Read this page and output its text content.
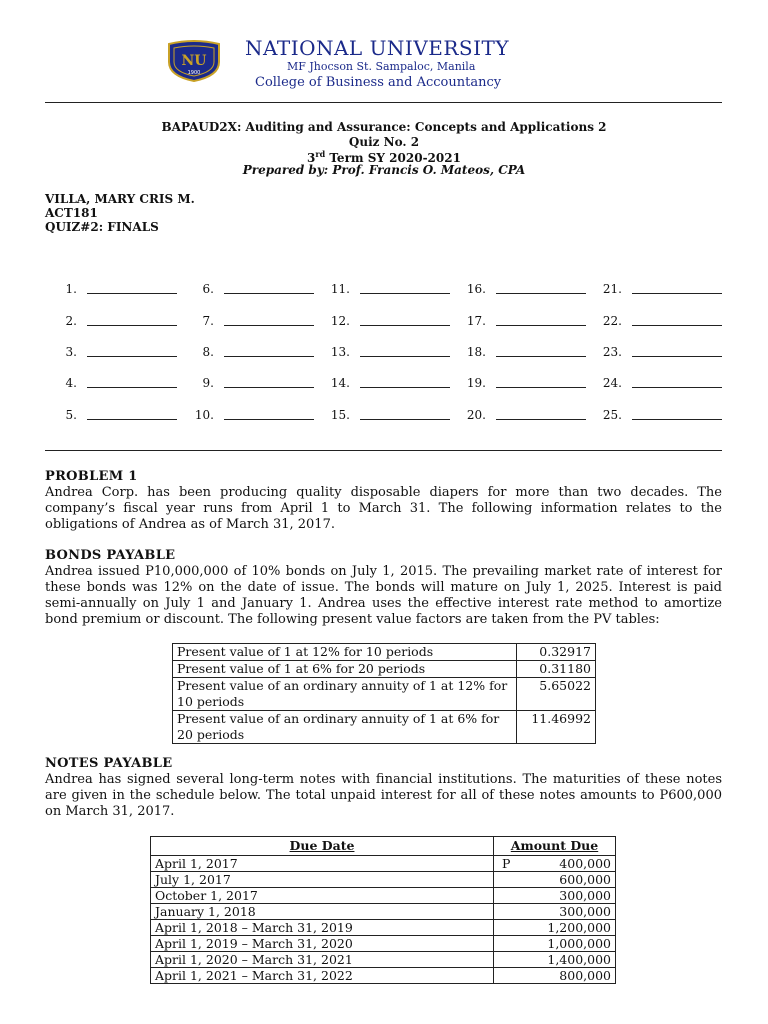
NU
1900
NATIONAL UNIVERSITY
MF Jhocson St. Sampaloc, Manila
College of Business and Accountancy
BAPAUD2X: Auditing and Assurance: Concepts and Applications 2
Quiz No. 2
3rd Term SY 2020-2021
Prepared by: Prof. Francis O. Mateos, CPA
VILLA, MARY CRIS M.
ACT181
QUIZ#2: FINALS
1.	6.	11.	16.	21.
2.	7.	12.	17.	22.
3.	8.	13.	18.	23.
4.	9.	14.	19.	24.
5.	10.	15.	20.	25.
PROBLEM 1

Andrea Corp. has been producing quality disposable diapers for more than two decades. The company’s fiscal year runs from April 1 to March 31. The following information relates to the obligations of Andrea as of March 31, 2017.

BONDS PAYABLE

Andrea issued P10,000,000 of 10% bonds on July 1, 2015. The prevailing market rate of interest for these bonds was 12% on the date of issue. The bonds will mature on July 1, 2025. Interest is paid semi-annually on July 1 and January 1. Andrea uses the effective interest rate method to amortize bond premium or discount. The following present value factors are taken from the PV tables:

Present value of 1 at 12% for 10 periods	0.32917
Present value of 1 at 6% for 20 periods	0.31180
Present value of an ordinary annuity of 1 at 12% for 10 periods	5.65022
Present value of an ordinary annuity of 1 at 6% for 20 periods	11.46992
NOTES PAYABLE

Andrea has signed several long-term notes with financial institutions. The maturities of these notes are given in the schedule below. The total unpaid interest for all of these notes amounts to P600,000 on March 31, 2017.

Due Date	Amount Due
April 1, 2017	P 400,000
July 1, 2017	600,000
October 1, 2017	300,000
January 1, 2018	300,000
April 1, 2018 – March 31, 2019	1,200,000
April 1, 2019 – March 31, 2020	1,000,000
April 1, 2020 – March 31, 2021	1,400,000
April 1, 2021 – March 31, 2022	800,000
